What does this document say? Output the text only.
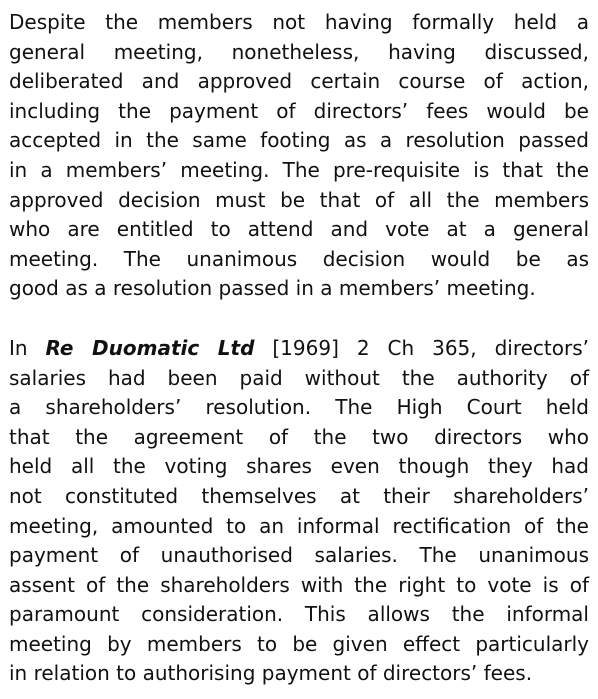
Despite the members not having formally held a
general meeting, nonetheless, having discussed,
deliberated and approved certain course of action,
including the payment of directors’ fees would be
accepted in the same footing as a resolution passed
in a members’ meeting. The pre-requisite is that the
approved decision must be that of all the members
who are entitled to attend and vote at a general
meeting. The unanimous decision would be as
good as a resolution passed in a members’ meeting.

In Re Duomatic Ltd [1969] 2 Ch 365, directors’
salaries had been paid without the authority of
a shareholders’ resolution. The High Court held
that the agreement of the two directors who
held all the voting shares even though they had
not constituted themselves at their shareholders’
meeting, amounted to an informal rectification of the
payment of unauthorised salaries. The unanimous
assent of the shareholders with the right to vote is of
paramount consideration. This allows the informal
meeting by members to be given effect particularly
in relation to authorising payment of directors’ fees.
